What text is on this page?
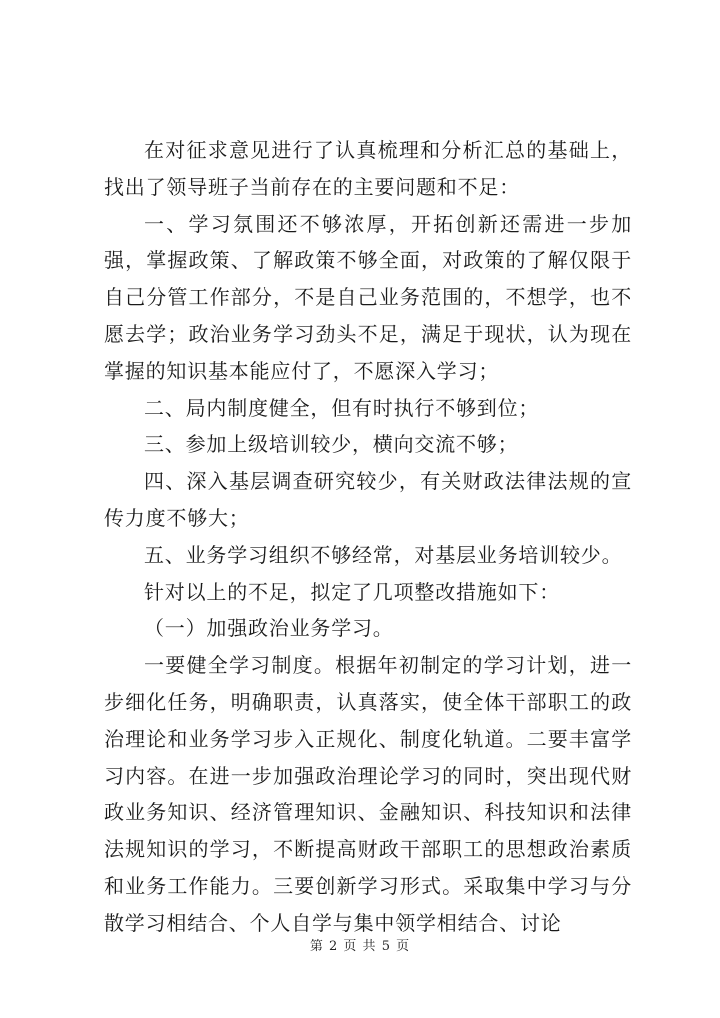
在对征求意见进行了认真梳理和分析汇总的基础上，找出了领导班子当前存在的主要问题和不足：

一、学习氛围还不够浓厚，开拓创新还需进一步加强，掌握政策、了解政策不够全面，对政策的了解仅限于自己分管工作部分，不是自己业务范围的，不想学，也不愿去学；政治业务学习劲头不足，满足于现状，认为现在掌握的知识基本能应付了，不愿深入学习；

二、局内制度健全，但有时执行不够到位；

三、参加上级培训较少，横向交流不够；

四、深入基层调查研究较少，有关财政法律法规的宣传力度不够大；

五、业务学习组织不够经常，对基层业务培训较少。

针对以上的不足，拟定了几项整改措施如下：

（一）加强政治业务学习。

一要健全学习制度。根据年初制定的学习计划，进一步细化任务，明确职责，认真落实，使全体干部职工的政治理论和业务学习步入正规化、制度化轨道。二要丰富学习内容。在进一步加强政治理论学习的同时，突出现代财政业务知识、经济管理知识、金融知识、科技知识和法律法规知识的学习，不断提高财政干部职工的思想政治素质和业务工作能力。三要创新学习形式。采取集中学习与分散学习相结合、个人自学与集中领学相结合、讨论

第 2 页 共 5 页
